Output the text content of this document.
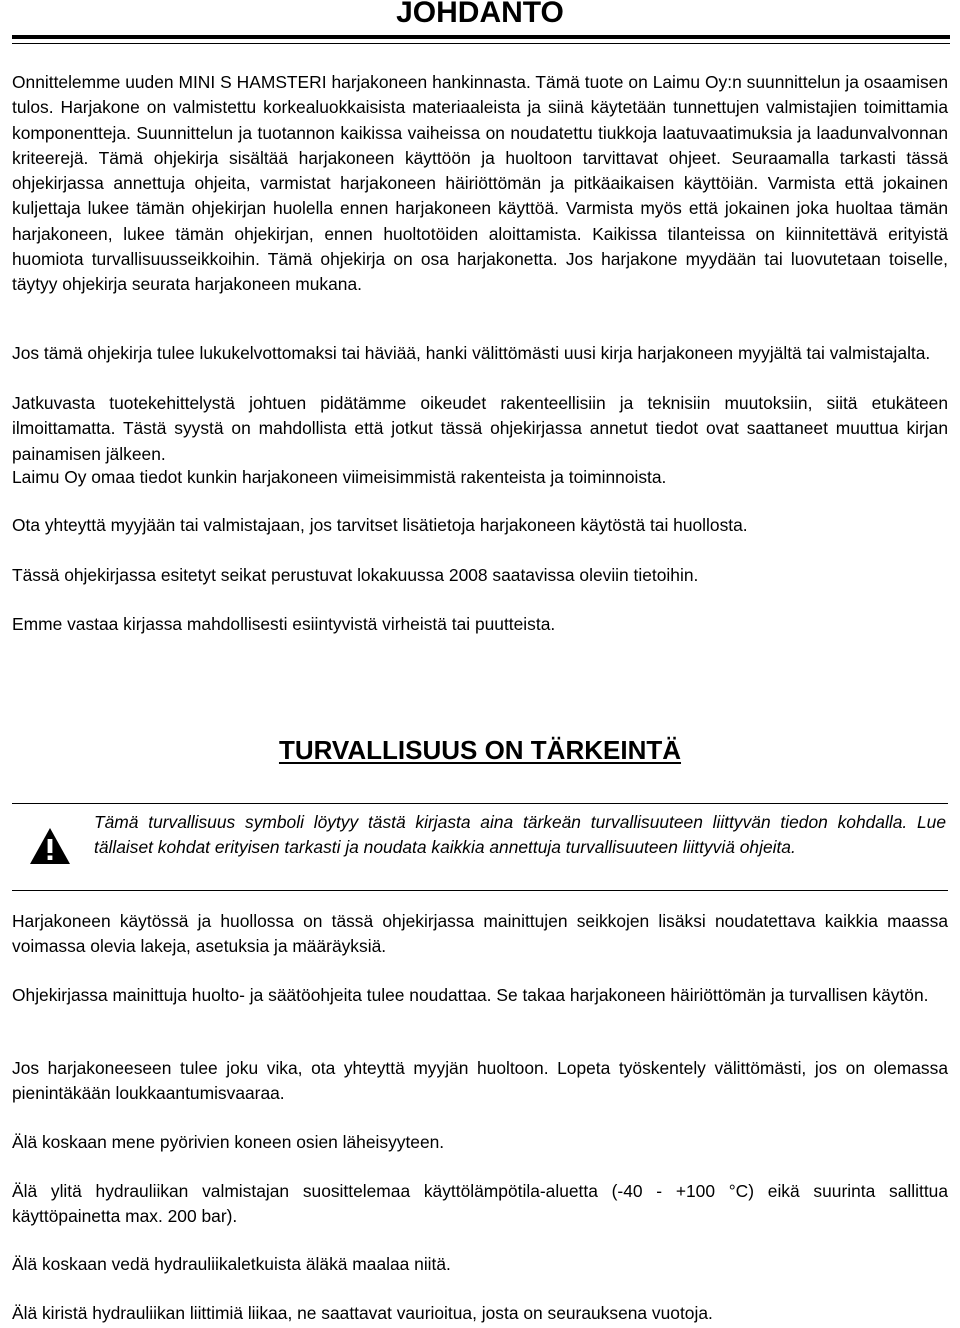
JOHDANTO

Onnittelemme uuden MINI S HAMSTERI harjakoneen hankinnasta. Tämä tuote on Laimu Oy:n suunnittelun ja osaamisen tulos. Harjakone on valmistettu korkealuokkaisista materiaaleista ja siinä käytetään tunnettujen valmistajien toimittamia komponentteja. Suunnittelun ja tuotannon kaikissa vaiheissa on noudatettu tiukkoja laatuvaatimuksia ja laadunvalvonnan kriteerejä. Tämä ohjekirja sisältää harjakoneen käyttöön ja huoltoon tarvittavat ohjeet. Seuraamalla tarkasti tässä ohjekirjassa annettuja ohjeita, varmistat harjakoneen häiriöttömän ja pitkäaikaisen käyttöiän. Varmista että jokainen kuljettaja lukee tämän ohjekirjan huolella ennen harjakoneen käyttöä. Varmista myös että jokainen joka huoltaa tämän harjakoneen, lukee tämän ohjekirjan, ennen huoltotöiden aloittamista. Kaikissa tilanteissa on kiinnitettävä erityistä huomiota turvallisuusseikkoihin. Tämä ohjekirja on osa harjakonetta. Jos harjakone myydään tai luovutetaan toiselle, täytyy ohjekirja seurata harjakoneen mukana.

Jos tämä ohjekirja tulee lukukelvottomaksi tai häviää, hanki välittömästi uusi kirja harjakoneen myyjältä tai valmistajalta.

Jatkuvasta tuotekehittelystä johtuen pidätämme oikeudet rakenteellisiin ja teknisiin muutoksiin, siitä etukäteen ilmoittamatta. Tästä syystä on mahdollista että jotkut tässä ohjekirjassa annetut tiedot ovat saattaneet muuttua kirjan painamisen jälkeen.

Laimu Oy omaa tiedot kunkin harjakoneen viimeisimmistä rakenteista ja toiminnoista.

Ota yhteyttä myyjään tai valmistajaan, jos tarvitset lisätietoja harjakoneen käytöstä tai huollosta.

Tässä ohjekirjassa esitetyt seikat perustuvat lokakuussa 2008 saatavissa oleviin tietoihin.

Emme vastaa kirjassa mahdollisesti esiintyvistä virheistä tai puutteista.

TURVALLISUUS ON TÄRKEINTÄ

Tämä turvallisuus symboli löytyy tästä kirjasta aina tärkeän turvallisuuteen liittyvän tiedon kohdalla. Lue tällaiset kohdat erityisen tarkasti ja noudata kaikkia annettuja turvallisuuteen liittyviä ohjeita.

Harjakoneen käytössä ja huollossa on tässä ohjekirjassa mainittujen seikkojen lisäksi noudatettava kaikkia maassa voimassa olevia lakeja, asetuksia ja määräyksiä.

Ohjekirjassa mainittuja huolto- ja säätöohjeita tulee noudattaa. Se takaa harjakoneen häiriöttömän ja turvallisen käytön.

Jos harjakoneeseen tulee joku vika, ota yhteyttä myyjän huoltoon. Lopeta työskentely välittömästi, jos on olemassa pienintäkään loukkaantumisvaaraa.

Älä koskaan mene pyörivien koneen osien läheisyyteen.

Älä ylitä hydrauliikan valmistajan suosittelemaa käyttölämpötila-aluetta (-40 - +100 °C) eikä suurinta sallittua käyttöpainetta max. 200 bar).

Älä koskaan vedä hydrauliikaletkuista äläkä maalaa niitä.

Älä kiristä hydrauliikan liittimiä liikaa, ne saattavat vaurioitua, josta on seurauksena vuotoja.
